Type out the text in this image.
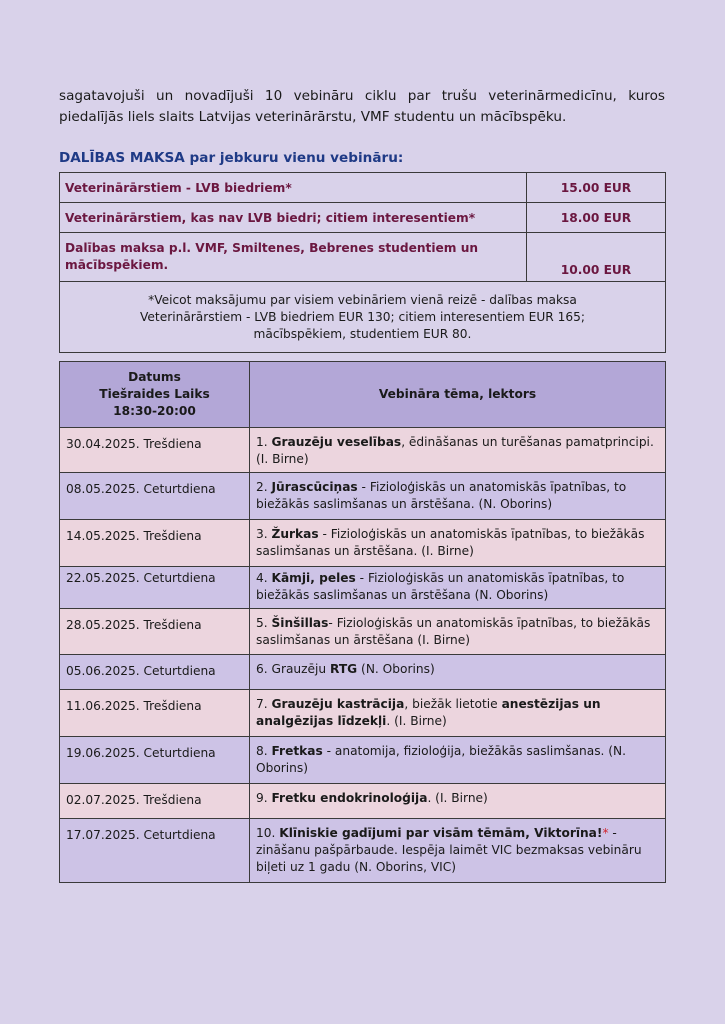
sagatavojuši un novadījuši 10 vebināru ciklu par trušu veterinārmedicīnu, kuros
piedalījās liels slaits Latvijas veterinārārstu, VMF studentu un mācībspēku.

DALĪBAS MAKSA par jebkuru vienu vebināru:

Veterinārārstiem - LVB biedriem*	15.00 EUR
Veterinārārstiem, kas nav LVB biedri; citiem interesentiem*	18.00 EUR
Dalības maksa p.l. VMF, Smiltenes, Bebrenes studentiem un mācībspēkiem.	10.00 EUR
*Veicot maksājumu par visiem vebināriem vienā reizē - dalības maksa
Veterinārārstiem - LVB biedriem EUR 130; citiem interesentiem EUR 165;
mācībspēkiem, studentiem EUR 80.	
Datums
Tiešraides Laiks
18:30-20:00	Vebināra tēma, lektors
30.04.2025. Trešdiena	1. Grauzēju veselības, ēdināšanas un turēšanas pamatprincipi. (I. Birne)
08.05.2025. Ceturtdiena	2. Jūrascūciņas - Fizioloģiskās un anatomiskās īpatnības, to biežākās saslimšanas un ārstēšana. (N. Oborins)
14.05.2025. Trešdiena	3. Žurkas - Fizioloģiskās un anatomiskās īpatnības, to biežākās saslimšanas un ārstēšana. (I. Birne)
22.05.2025. Ceturtdiena	4. Kāmji, peles - Fizioloģiskās un anatomiskās īpatnības, to biežākās saslimšanas un ārstēšana (N. Oborins)
28.05.2025. Trešdiena	5. Šinšillas- Fizioloģiskās un anatomiskās īpatnības, to biežākās saslimšanas un ārstēšana (I. Birne)
05.06.2025. Ceturtdiena	6. Grauzēju RTG (N. Oborins)
11.06.2025. Trešdiena	7. Grauzēju kastrācija, biežāk lietotie anestēzijas un analgēzijas līdzekļi. (I. Birne)
19.06.2025. Ceturtdiena	8. Fretkas - anatomija, fizioloģija, biežākās saslimšanas. (N. Oborins)
02.07.2025. Trešdiena	9. Fretku endokrinoloģija. (I. Birne)
17.07.2025. Ceturtdiena	10. Klīniskie gadījumi par visām tēmām, Viktorīna!* - zināšanu pašpārbaude. Iespēja laimēt VIC bezmaksas vebināru biļeti uz 1 gadu (N. Oborins, VIC)
